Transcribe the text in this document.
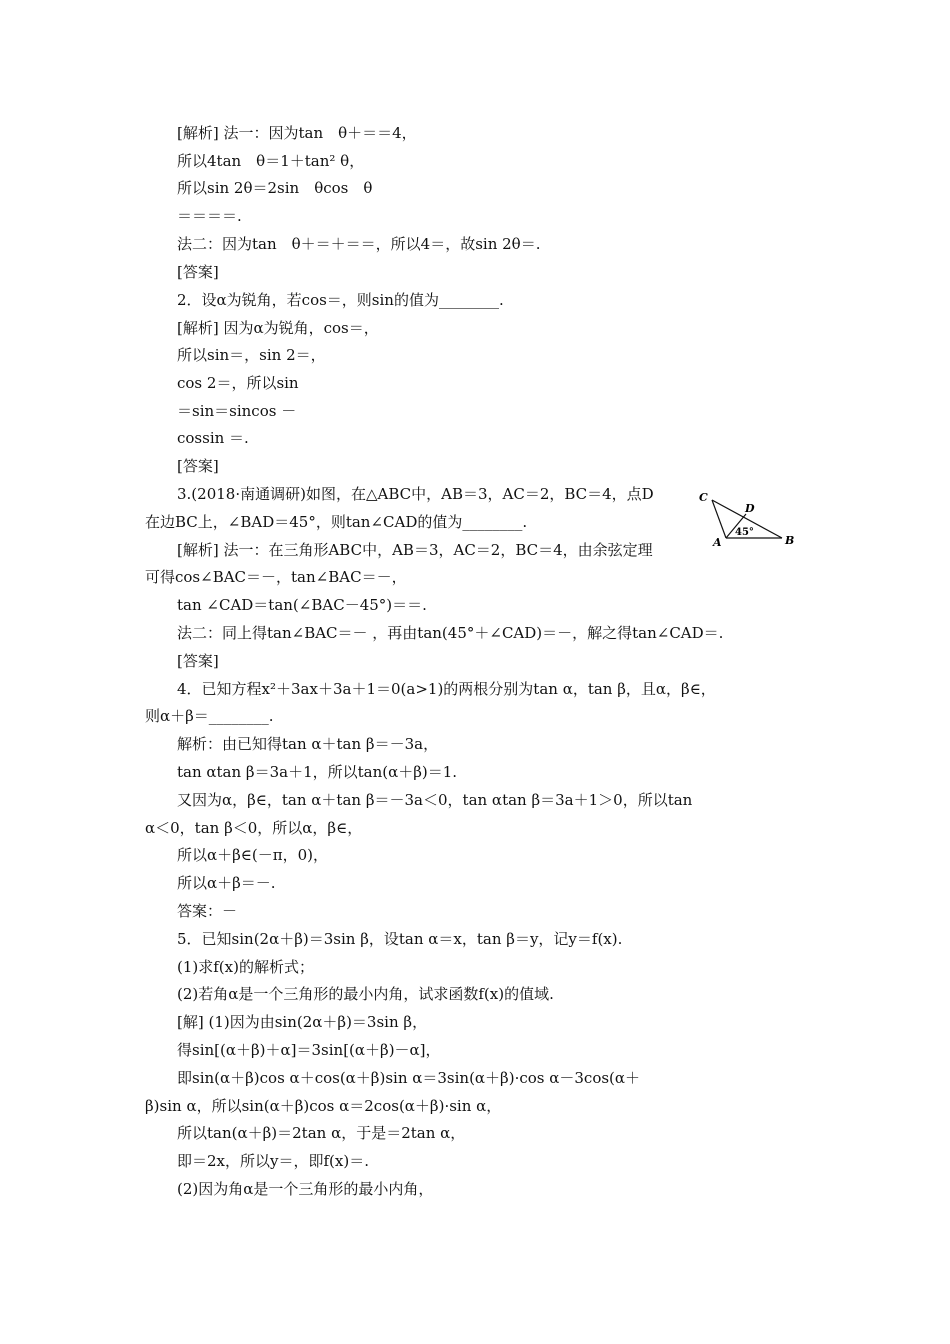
[解析] 法一：因为tan　θ＋＝＝4，
所以4tan　θ＝1＋tan² θ，
所以sin 2θ＝2sin　θcos　θ
＝＝＝＝.
法二：因为tan　θ＋＝＋＝＝，所以4＝，故sin 2θ＝.
[答案]
2．设α为锐角，若cos＝，则sin的值为________.
[解析] 因为α为锐角，cos＝，
所以sin＝，sin 2＝，
cos 2＝，所以sin
＝sin＝sincos －
cossin ＝.
[答案]
3.(2018·南通调研)如图，在△ABC中，AB＝3，AC＝2，BC＝4，点D
在边BC上，∠BAD＝45°，则tan∠CAD的值为________.
[解析] 法一：在三角形ABC中，AB＝3，AC＝2，BC＝4，由余弦定理
可得cos∠BAC＝－，tan∠BAC＝－，
tan ∠CAD＝tan(∠BAC－45°)＝＝.
法二：同上得tan∠BAC＝－ ，再由tan(45°＋∠CAD)＝－，解之得tan∠CAD＝.
[答案]
4．已知方程x²＋3ax＋3a＋1＝0(a>1)的两根分别为tan α，tan β，且α，β∈，
则α＋β＝________.
解析：由已知得tan α＋tan β＝－3a，
tan αtan β＝3a＋1，所以tan(α＋β)＝1.
又因为α，β∈，tan α＋tan β＝－3a＜0，tan αtan β＝3a＋1＞0，所以tan
α＜0，tan β＜0，所以α，β∈，
所以α＋β∈(－π，0)，
所以α＋β＝－.
答案：－
5．已知sin(2α＋β)＝3sin β，设tan α＝x，tan β＝y，记y＝f(x).
(1)求f(x)的解析式；
(2)若角α是一个三角形的最小内角，试求函数f(x)的值域.
[解] (1)因为由sin(2α＋β)＝3sin β，
得sin[(α＋β)＋α]＝3sin[(α＋β)－α]，
即sin(α＋β)cos α＋cos(α＋β)sin α＝3sin(α＋β)·cos α－3cos(α＋
β)sin α，所以sin(α＋β)cos α＝2cos(α＋β)·sin α，
所以tan(α＋β)＝2tan α，于是＝2tan α，
即＝2x，所以y＝，即f(x)＝.
(2)因为角α是一个三角形的最小内角，
C
D
A	B
45°
